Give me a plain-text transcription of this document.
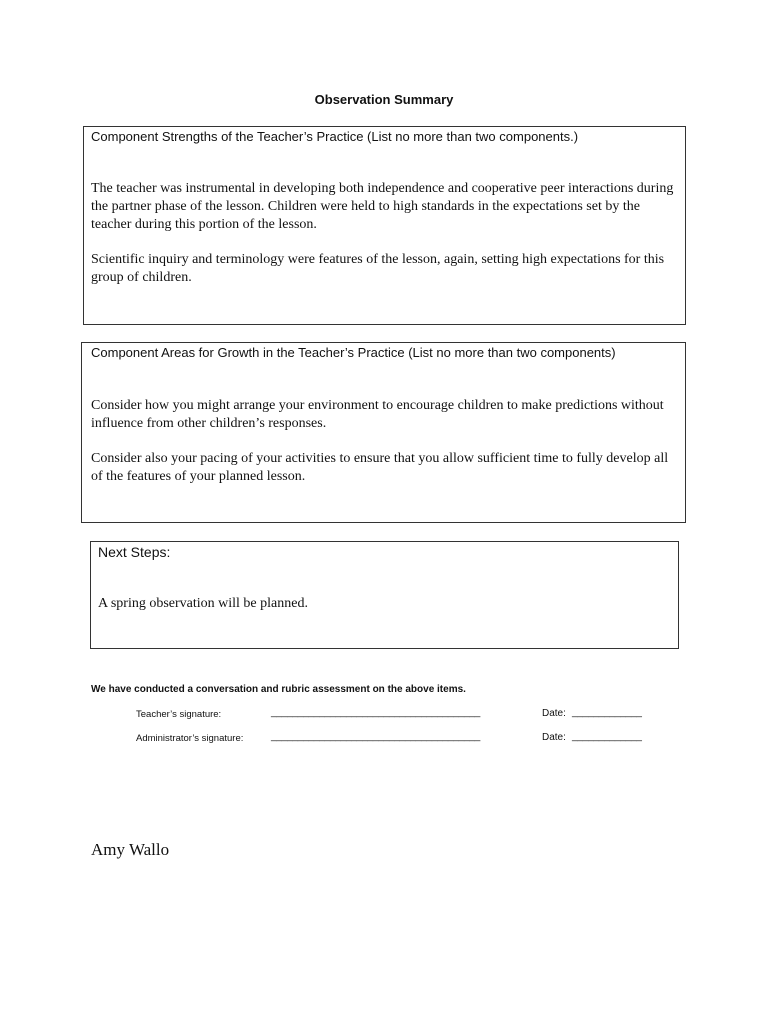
Observation Summary
Component Strengths of the Teacher’s Practice (List no more than two components.)
The teacher was instrumental in developing both independence and cooperative peer interactions during the partner phase of the lesson. Children were held to high standards in the expectations set by the teacher during this portion of the lesson.
Scientific inquiry and terminology were features of the lesson, again, setting high expectations for this group of children.
Component Areas for Growth in the Teacher’s Practice (List no more than two components)
Consider how you might arrange your environment to encourage children to make predictions without influence from other children’s responses.
Consider also your pacing of your activities to ensure that you allow sufficient time to fully develop all of the features of your planned lesson.
Next Steps:
A spring observation will be planned.
We have conducted a conversation and rubric assessment on the above items.
Teacher’s signature:	_______________________________________	Date: _____________
Administrator’s signature:	_______________________________________	Date: _____________
Amy Wallo
